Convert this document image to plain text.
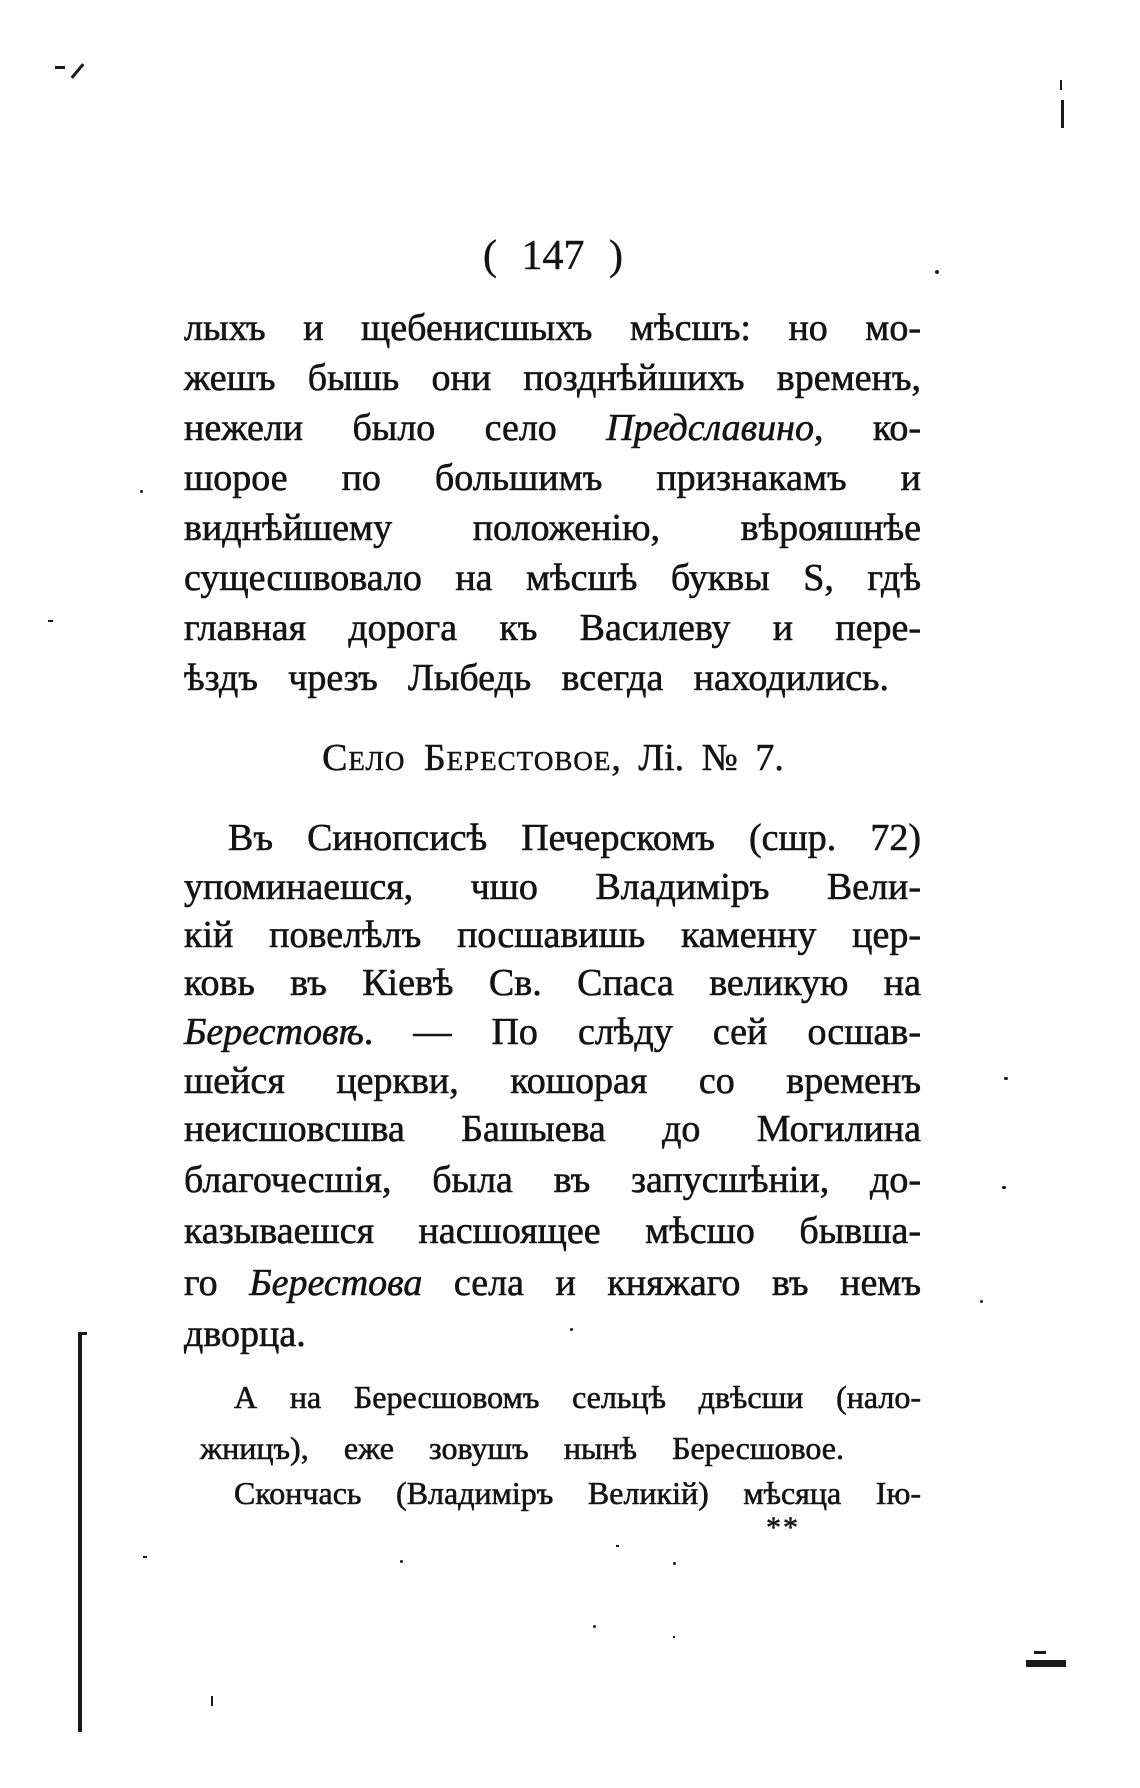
( 147 )
лыхъ и щебенисшыхъ мѣсшъ: но мо-
жешъ бышь они позднѣйшихъ временъ,
нежели было село Предславино, ко-
шорое по большимъ признакамъ и
виднѣйшему положенію, вѣрояшнѣе
сущесшвовало на мѣсшѣ буквы S, гдѣ
главная дорога къ Василеву и пере-
ѣздъ чрезъ Лыбедь всегда находились.
Село Берестовое, Лі. № 7.
Въ Синопсисѣ Печерскомъ (сшр. 72)
упоминаешся, чшо Владиміръ Вели-
кій повелѣлъ посшавишь каменну цер-
ковь въ Кіевѣ Св. Спаса великую на
Берестовѣ. — По слѣду сей осшав-
шейся церкви, кошорая со временъ
неисшовсшва Башыева до Могилина
благочесшія, была въ запусшѣніи, до-
казываешся насшоящее мѣсшо бывша-
го Берестова села и княжаго въ немъ
дворца.
А на Бересшовомъ сельцѣ двѣсши (нало-
жницъ), еже зовушъ нынѣ Бересшовое.
Скончась (Владиміръ Великій) мѣсяца Ію-
**
